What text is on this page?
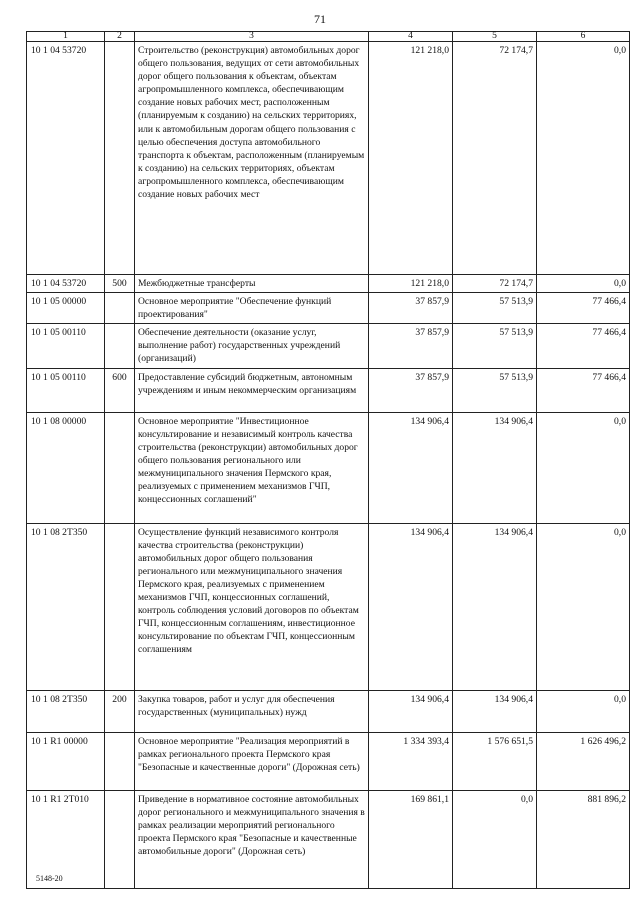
71
1	2	3	4	5	6
10 1 04 53720		Строительство (реконструкция) автомобильных дорог общего пользования, ведущих от сети автомобильных дорог общего пользования к объектам, объектам агропромышленного комплекса, обеспечивающим создание новых рабочих мест, расположенным (планируемым к созданию) на сельских территориях, или к автомобильным дорогам общего пользования с целью обеспечения доступа автомобильного транспорта к объектам, расположенным (планируемым к созданию) на сельских территориях, объектам агропромышленного комплекса, обеспечивающим создание новых рабочих мест	121 218,0	72 174,7	0,0
10 1 04 53720	500	Межбюджетные трансферты	121 218,0	72 174,7	0,0
10 1 05 00000		Основное мероприятие "Обеспечение функций проектирования"	37 857,9	57 513,9	77 466,4
10 1 05 00110		Обеспечение деятельности (оказание услуг, выполнение работ) государственных учреждений (организаций)	37 857,9	57 513,9	77 466,4
10 1 05 00110	600	Предоставление субсидий бюджетным, автономным учреждениям и иным некоммерческим организациям	37 857,9	57 513,9	77 466,4
10 1 08 00000		Основное мероприятие "Инвестиционное консультирование и независимый контроль качества строительства (реконструкции) автомобильных дорог общего пользования регионального или межмуниципального значения Пермского края, реализуемых с применением механизмов ГЧП, концессионных соглашений"	134 906,4	134 906,4	0,0
10 1 08 2Т350		Осуществление функций независимого контроля качества строительства (реконструкции) автомобильных дорог общего пользования регионального или межмуниципального значения Пермского края, реализуемых с применением механизмов ГЧП, концессионных соглашений, контроль соблюдения условий договоров по объектам ГЧП, концессионным соглашениям, инвестиционное консультирование по объектам ГЧП, концессионным соглашениям	134 906,4	134 906,4	0,0
10 1 08 2Т350	200	Закупка товаров, работ и услуг для обеспечения государственных (муниципальных) нужд	134 906,4	134 906,4	0,0
10 1 R1 00000		Основное мероприятие "Реализация мероприятий в рамках регионального проекта Пермского края "Безопасные и качественные дороги" (Дорожная сеть)	1 334 393,4	1 576 651,5	1 626 496,2
10 1 R1 2Т010		Приведение в нормативное состояние автомобильных дорог регионального и межмуниципального значения в рамках реализации мероприятий регионального проекта Пермского края "Безопасные и качественные автомобильные дороги" (Дорожная сеть)	169 861,1	0,0	881 896,2
5148-20
